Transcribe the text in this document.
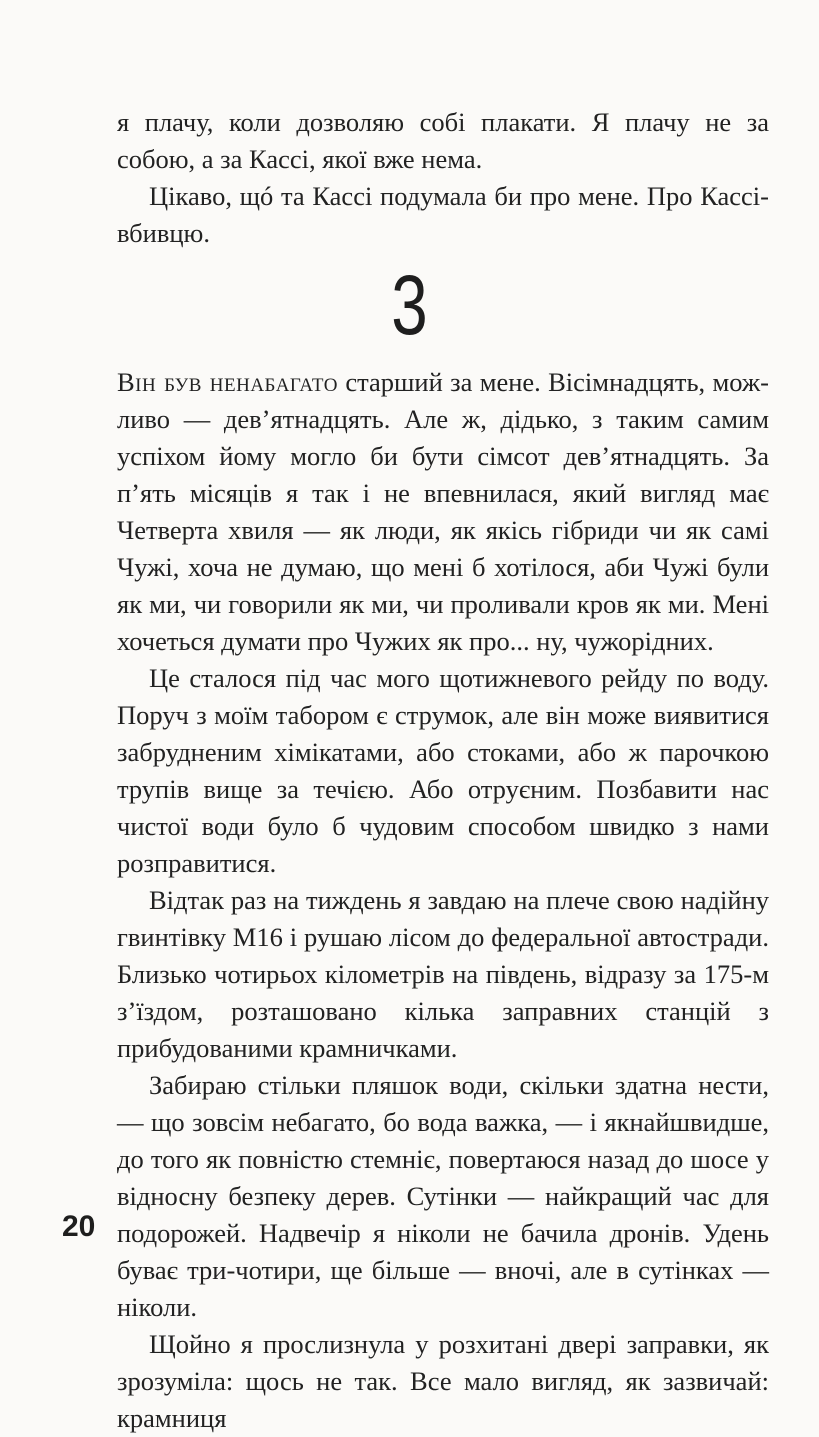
я плачу, коли дозволяю собі плакати. Я плачу не за собою, а за Кассі, якої вже нема.

Цікаво, щó та Кассі подумала би про мене. Про Кассі-вбивцю.

3

Він був ненабагато старший за мене. Вісімнадцять, можливо — дев’ятнадцять. Але ж, дідько, з таким самим успіхом йому могло би бути сімсот дев’ятнадцять. За п’ять місяців я так і не впевнилася, який вигляд має Четверта хвиля — як люди, як якісь гібриди чи як самі Чужі, хоча не думаю, що мені б хотілося, аби Чужі були як ми, чи говорили як ми, чи проливали кров як ми. Мені хочеться думати про Чужих як про... ну, чужорідних.

Це сталося під час мого щотижневого рейду по воду. Поруч з моїм табором є струмок, але він може виявитися забрудненим хімікатами, або стоками, або ж парочкою трупів вище за течією. Або отруєним. Позбавити нас чистої води було б чудовим способом швидко з нами розправитися.

Відтак раз на тиждень я завдаю на плече свою надійну гвинтівку М16 і рушаю лісом до федеральної автостради. Близько чотирьох кілометрів на південь, відразу за 175-м з’їздом, розташовано кілька заправних станцій з прибудованими крамничками.

Забираю стільки пляшок води, скільки здатна нести, — що зовсім небагато, бо вода важка, — і якнайшвидше, до того як повністю стемніє, повертаюся назад до шосе у відносну безпеку дерев. Сутінки — найкращий час для подорожей. Надвечір я ніколи не бачила дронів. Удень буває три-чотири, ще більше — вночі, але в сутінках — ніколи.

Щойно я прослизнула у розхитані двері заправки, як зрозуміла: щось не так. Все мало вигляд, як зазвичай: крамниця

20
